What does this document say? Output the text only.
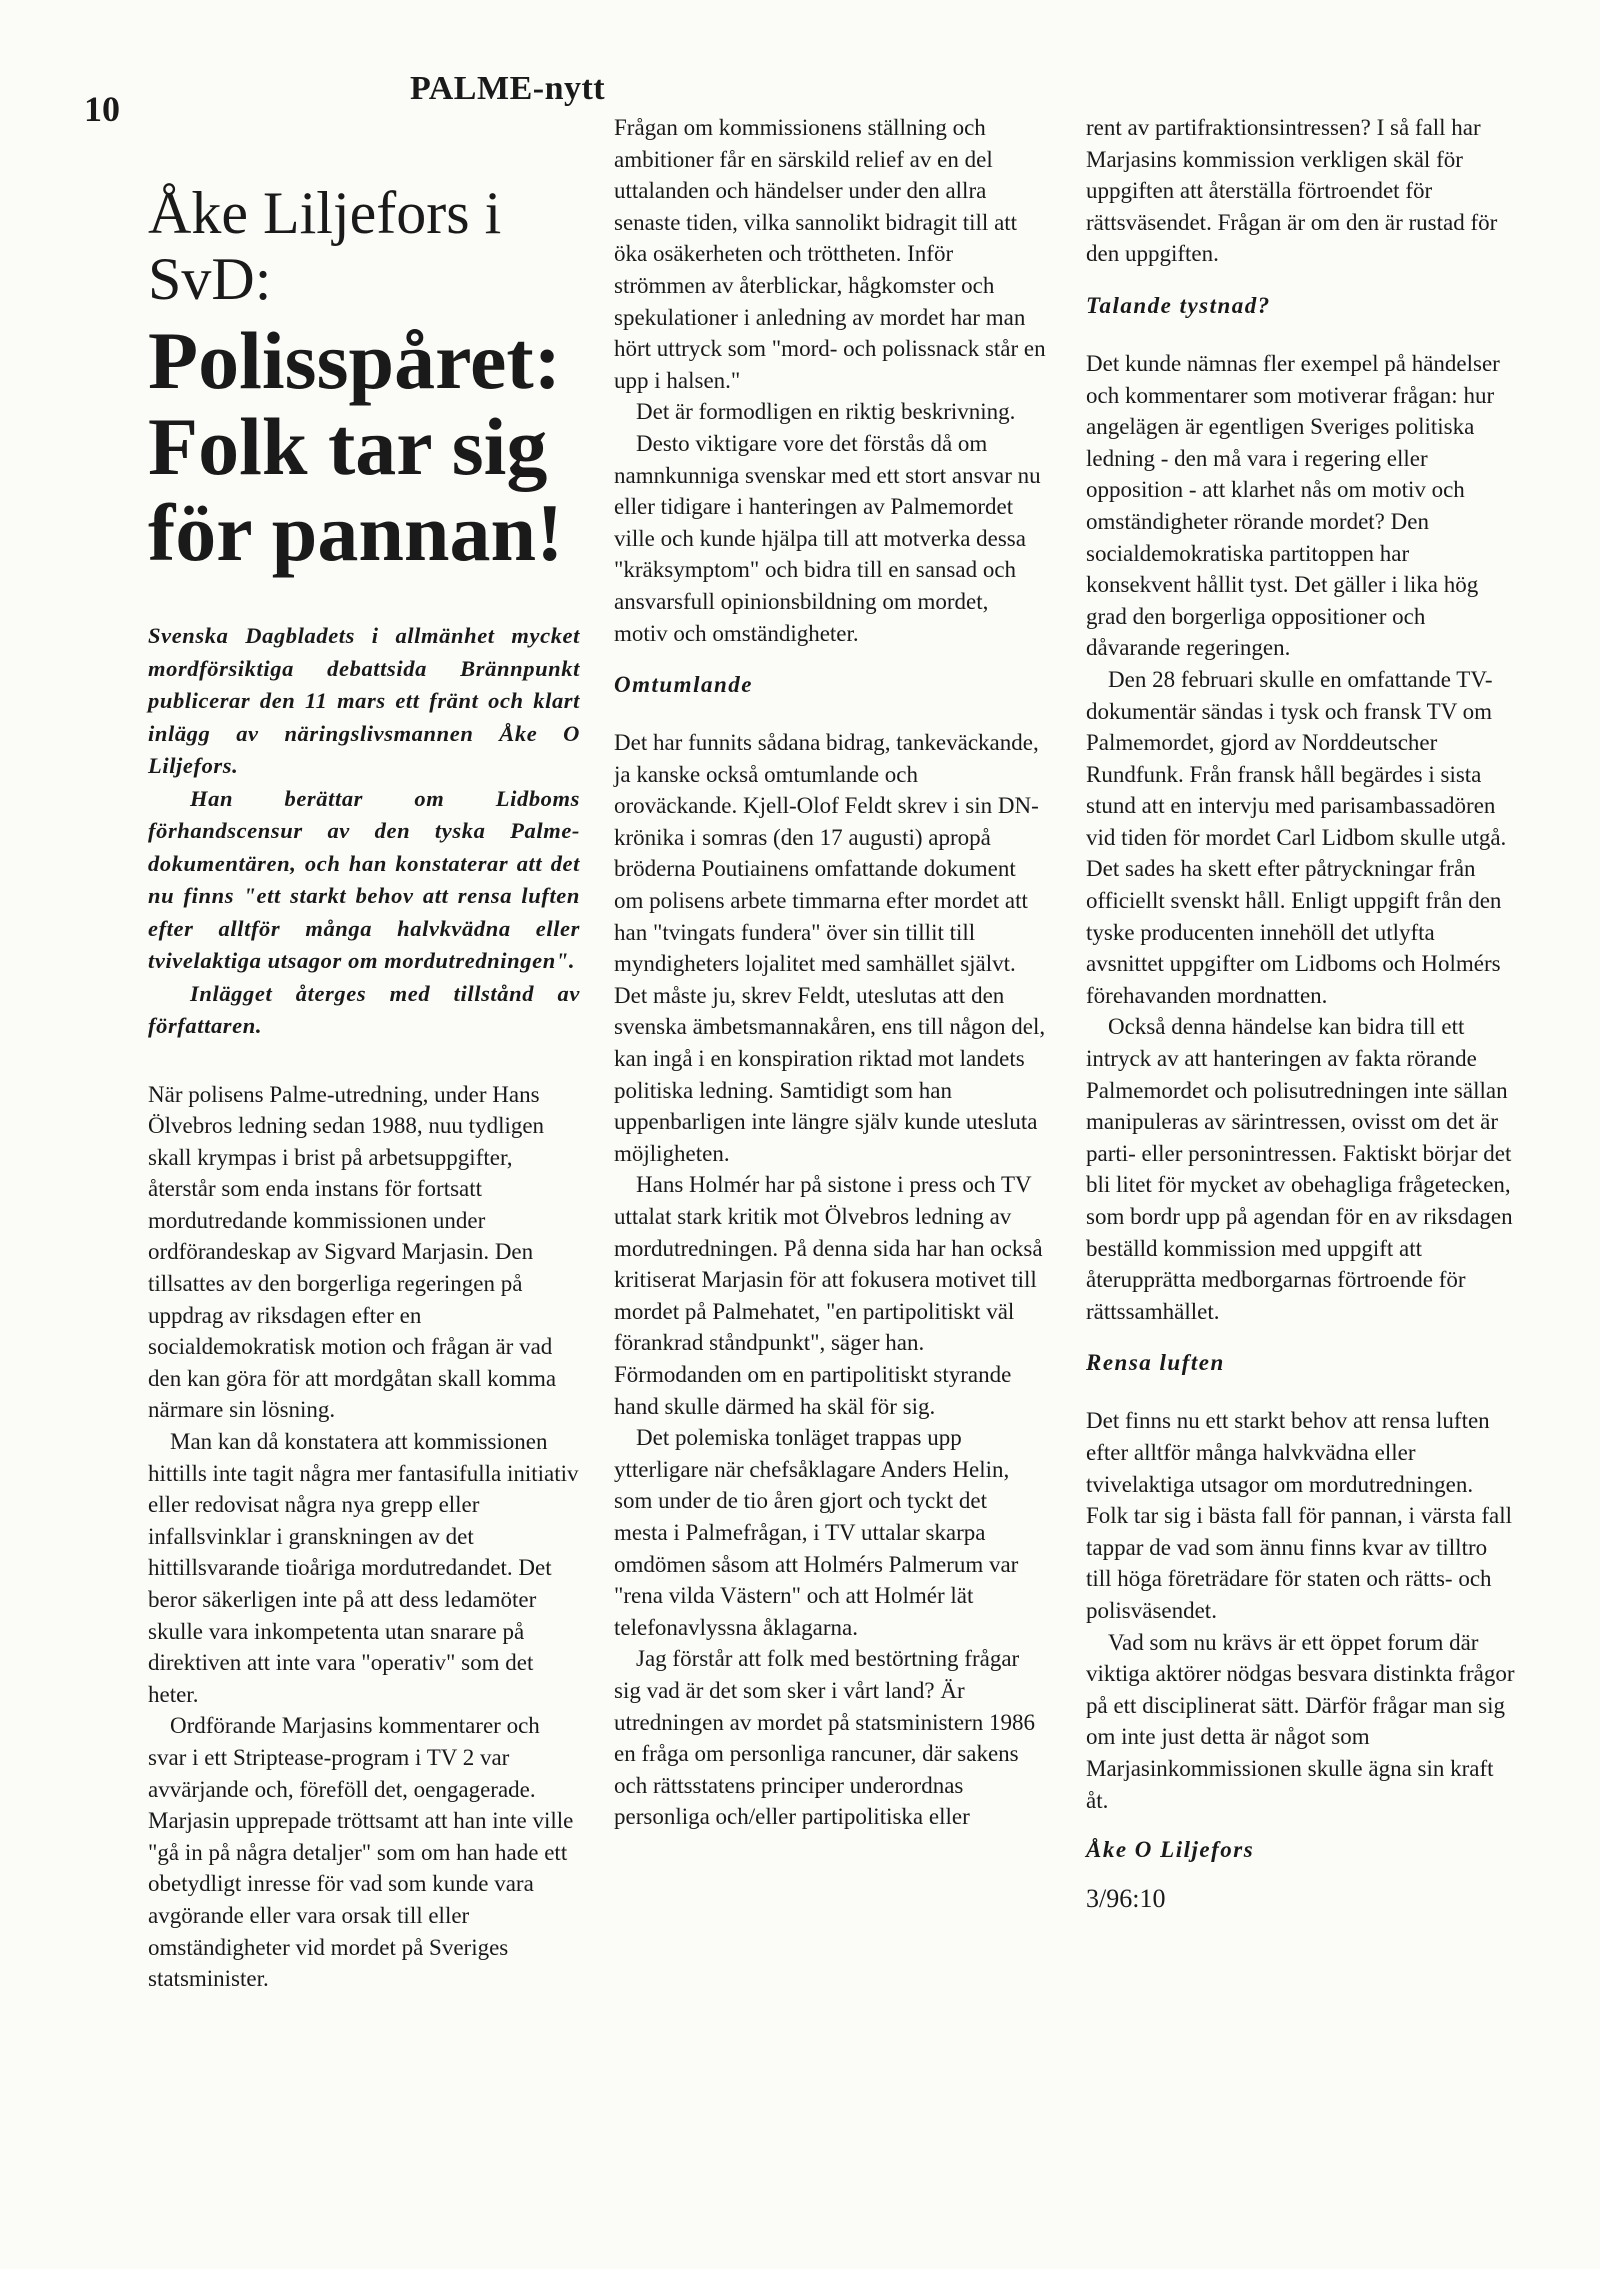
10
PALME-nytt
Åke Liljefors i SvD:
Polisspåret: Folk tar sig för pannan!

Svenska Dagbladets i allmänhet mycket mordförsiktiga debattsida Brännpunkt publicerar den 11 mars ett fränt och klart inlägg av näringslivsmannen Åke O Liljefors.

Han berättar om Lidboms förhandscensur av den tyska Palme-dokumentären, och han konstaterar att det nu finns "ett starkt behov att rensa luften efter alltför många halvkvädna eller tvivelaktiga utsagor om mordutredningen".

Inlägget återges med tillstånd av författaren.

När polisens Palme-utredning, under Hans Ölvebros ledning sedan 1988, nuu tydligen skall krympas i brist på arbetsuppgifter, återstår som enda instans för fortsatt mordutredande kommissionen under ordförandeskap av Sigvard Marjasin. Den tillsattes av den borgerliga regeringen på uppdrag av riksdagen efter en socialdemokratisk motion och frågan är vad den kan göra för att mordgåtan skall komma närmare sin lösning.

Man kan då konstatera att kommissionen hittills inte tagit några mer fantasifulla initiativ eller redovisat några nya grepp eller infallsvinklar i granskningen av det hittillsvarande tioåriga mordutredandet. Det beror säkerligen inte på att dess ledamöter skulle vara inkompetenta utan snarare på direktiven att inte vara "operativ" som det heter.

Ordförande Marjasins kommentarer och svar i ett Striptease-program i TV 2 var avvärjande och, föreföll det, oengagerade. Marjasin upprepade tröttsamt att han inte ville "gå in på några detaljer" som om han hade ett obetydligt inresse för vad som kunde vara avgörande eller vara orsak till eller omständigheter vid mordet på Sveriges statsminister.

Frågan om kommissionens ställning och ambitioner får en särskild relief av en del uttalanden och händelser under den allra senaste tiden, vilka sannolikt bidragit till att öka osäkerheten och tröttheten. Inför strömmen av återblickar, hågkomster och spekulationer i anledning av mordet har man hört uttryck som "mord- och polissnack står en upp i halsen."

Det är formodligen en riktig beskrivning.

Desto viktigare vore det förstås då om namnkunniga svenskar med ett stort ansvar nu eller tidigare i hanteringen av Palmemordet ville och kunde hjälpa till att motverka dessa "kräksymptom" och bidra till en sansad och ansvarsfull opinionsbildning om mordet, motiv och omständigheter.

Omtumlande

Det har funnits sådana bidrag, tankeväckande, ja kanske också omtumlande och oroväckande. Kjell-Olof Feldt skrev i sin DN-krönika i somras (den 17 augusti) apropå bröderna Poutiainens omfattande dokument om polisens arbete timmarna efter mordet att han "tvingats fundera" över sin tillit till myndigheters lojalitet med samhället självt. Det måste ju, skrev Feldt, uteslutas att den svenska ämbetsmannakåren, ens till någon del, kan ingå i en konspiration riktad mot landets politiska ledning. Samtidigt som han uppenbarligen inte längre själv kunde utesluta möjligheten.

Hans Holmér har på sistone i press och TV uttalat stark kritik mot Ölvebros ledning av mordutredningen. På denna sida har han också kritiserat Marjasin för att fokusera motivet till mordet på Palmehatet, "en partipolitiskt väl förankrad ståndpunkt", säger han. Förmodanden om en partipolitiskt styrande hand skulle därmed ha skäl för sig.

Det polemiska tonläget trappas upp ytterligare när chefsåklagare Anders Helin, som under de tio åren gjort och tyckt det mesta i Palmefrågan, i TV uttalar skarpa omdömen såsom att Holmérs Palmerum var "rena vilda Västern" och att Holmér lät telefonavlyssna åklagarna.

Jag förstår att folk med bestörtning frågar sig vad är det som sker i vårt land? Är utredningen av mordet på statsministern 1986 en fråga om personliga rancuner, där sakens och rättsstatens principer underordnas personliga och/eller partipolitiska eller

rent av partifraktionsintressen? I så fall har Marjasins kommission verkligen skäl för uppgiften att återställa förtroendet för rättsväsendet. Frågan är om den är rustad för den uppgiften.

Talande tystnad?

Det kunde nämnas fler exempel på händelser och kommentarer som motiverar frågan: hur angelägen är egentligen Sveriges politiska ledning - den må vara i regering eller opposition - att klarhet nås om motiv och omständigheter rörande mordet? Den socialdemokratiska partitoppen har konsekvent hållit tyst. Det gäller i lika hög grad den borgerliga oppositioner och dåvarande regeringen.

Den 28 februari skulle en omfattande TV-dokumentär sändas i tysk och fransk TV om Palmemordet, gjord av Norddeutscher Rundfunk. Från fransk håll begärdes i sista stund att en intervju med parisambassadören vid tiden för mordet Carl Lidbom skulle utgå. Det sades ha skett efter påtryckningar från officiellt svenskt håll. Enligt uppgift från den tyske producenten innehöll det utlyfta avsnittet uppgifter om Lidboms och Holmérs förehavanden mordnatten.

Också denna händelse kan bidra till ett intryck av att hanteringen av fakta rörande Palmemordet och polisutredningen inte sällan manipuleras av särintressen, ovisst om det är parti- eller personintressen. Faktiskt börjar det bli litet för mycket av obehagliga frågetecken, som bordr upp på agendan för en av riksdagen beställd kommission med uppgift att återupprätta medborgarnas förtroende för rättssamhället.

Rensa luften

Det finns nu ett starkt behov att rensa luften efter alltför många halvkvädna eller tvivelaktiga utsagor om mordutredningen. Folk tar sig i bästa fall för pannan, i värsta fall tappar de vad som ännu finns kvar av tilltro till höga företrädare för staten och rätts- och polisväsendet.

Vad som nu krävs är ett öppet forum där viktiga aktörer nödgas besvara distinkta frågor på ett disciplinerat sätt. Därför frågar man sig om inte just detta är något som Marjasinkommissionen skulle ägna sin kraft åt.

Åke O Liljefors
3/96:10
